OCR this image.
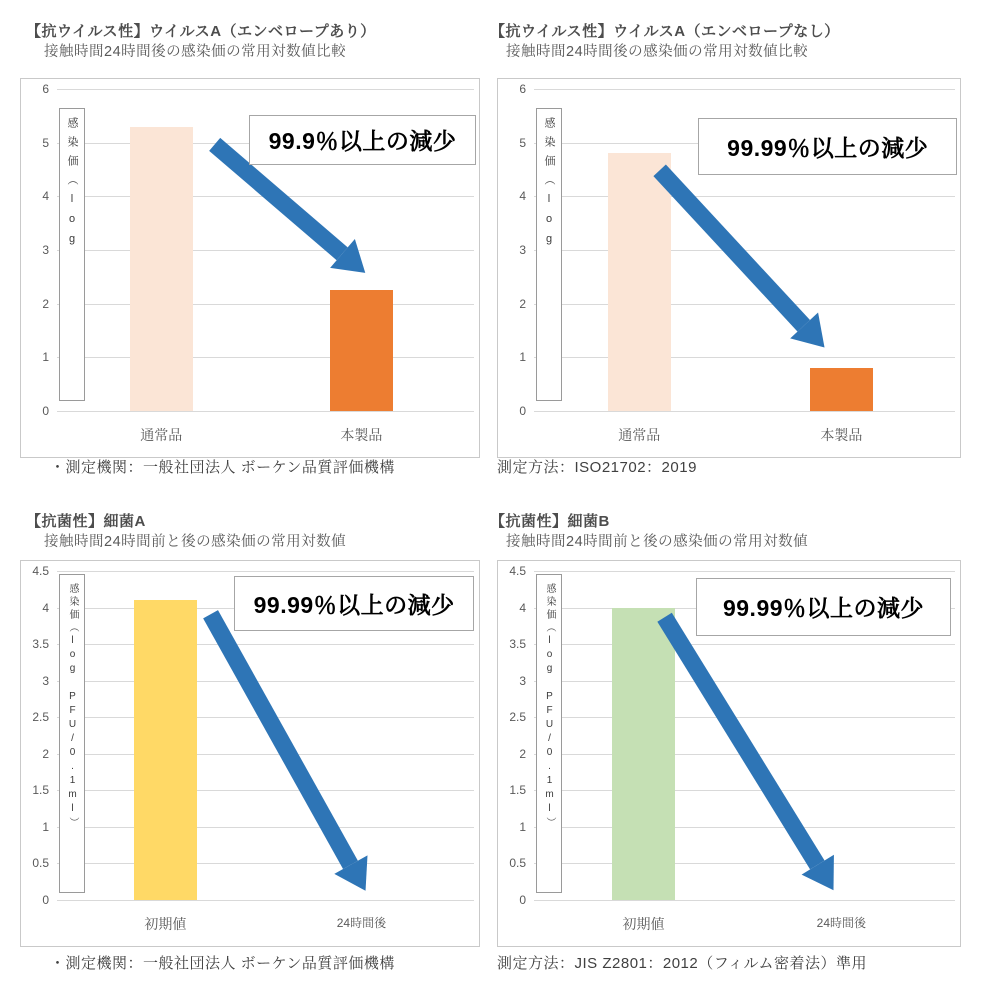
【抗ウイルス性】ウイルスA（エンベロープあり）
接触時間24時間後の感染価の常用対数値比較
0
1
2
3
4
5
6
感染価（log	99.9％以上の減少
通常品	本製品
・測定機関：一般社団法人 ボーケン品質評価機構
【抗ウイルス性】ウイルスA（エンベロープなし）
接触時間24時間後の感染価の常用対数値比較
0
1
2
3
4
5
6
感染価（log	99.99％以上の減少
通常品	本製品
測定方法：ISO21702：2019
【抗菌性】細菌A
接触時間24時間前と後の感染価の常用対数値
0
0.5
1
1.5
2
2.5
3
3.5
4
4.5
感染価（log PFU/0.1ml）	99.99％以上の減少
初期値	24時間後
・測定機関：一般社団法人 ボーケン品質評価機構
【抗菌性】細菌B
接触時間24時間前と後の感染価の常用対数値
0
0.5
1
1.5
2
2.5
3
3.5
4
4.5
感染価（log PFU/0.1ml）	99.99％以上の減少
初期値	24時間後
測定方法：JIS Z2801：2012（フィルム密着法）準用
